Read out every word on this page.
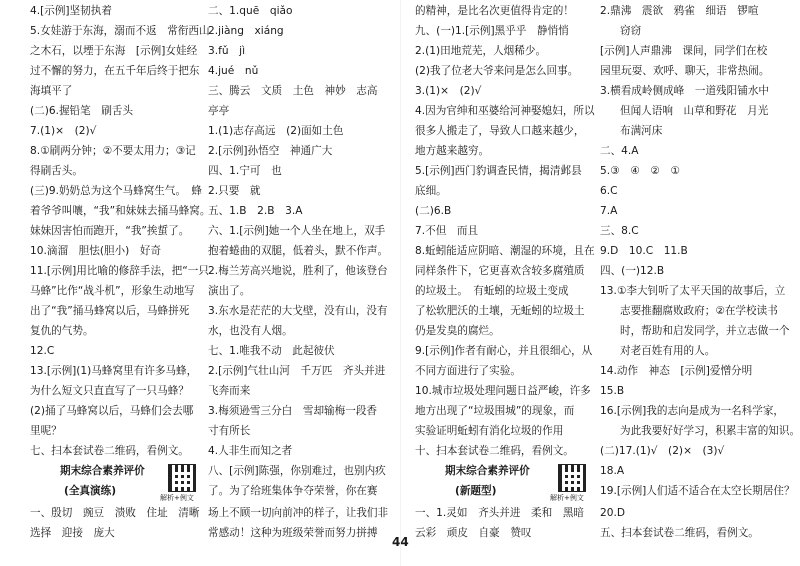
4.[示例]坚韧执着
5.女娃游于东海，溺而不返　常衔西山
之木石，以堙于东海　[示例]女娃经
过不懈的努力，在五千年后终于把东
海填平了
(二)6.握铅笔　刷舌头
7.(1)×　(2)√
8.①刷两分钟；②不要太用力；③记
得刷舌头。
(三)9.奶奶总为这个马蜂窝生气。　蜂
着爷爷叫嚷，“我”和妹妹去捅马蜂窝。
妹妹因害怕而跑开，“我”挨蜇了。
10.滴溜　胆怯(胆小)　好奇
11.[示例]用比喻的修辞手法，把“一只
马蜂”比作“战斗机”，形象生动地写
出了“我”捅马蜂窝以后，马蜂拼死
复仇的气势。
12.C
13.[示例](1)马蜂窝里有许多马蜂，
为什么短文只直直写了一只马蜂？
(2)捅了马蜂窝以后，马蜂们会去哪
里呢？
七、扫本套试卷二维码，看例文。
期末综合素养评价
(全真演练)
一、殷切　豌豆　溃败　住址　清晰
选择　迎接　庞大
解析+例文
二、1.quē　qiǎo
2.jiàng　xiáng
3.fǔ　jì
4.jué　nǔ
三、腾云　文质　土色　神妙　志高
亭亭
1.(1)志存高远　(2)面如土色
2.[示例]孙悟空　神通广大
四、1.宁可　也
2.只要　就
五、1.B　2.B　3.A
六、1.[示例]她一个人坐在地上，双手
抱着蜷曲的双腿，低着头，默不作声。
2.梅兰芳高兴地说，胜利了，他该登台
演出了。
3.东水是茫茫的大戈壁，没有山，没有
水，也没有人烟。
七、1.唯我不动　此起彼伏
2.[示例]气壮山河　千万匹　齐头并进
飞奔而来
3.梅须逊雪三分白　雪却输梅一段香
寸有所长
4.人非生而知之者
八、[示例]陈强，你别难过，也别内疚
了。为了给班集体争夺荣誉，你在赛
场上不顾一切向前冲的样子，让我们非
常感动！这种为班级荣誉而努力拼搏
的精神，是比名次更值得肯定的！
九、(一)1.[示例]黑乎乎　静悄悄
2.(1)田地荒芜，人烟稀少。
(2)我了位老大爷来问是怎么回事。
3.(1)×　(2)√
4.因为官绅和巫婆给河神娶媳妇，所以
很多人搬走了，导致人口越来越少，
地方越来越穷。
5.[示例]西门豹调查民情，揭清邺县
底细。
(二)6.B
7.不但　而且
8.蚯蚓能适应阴暗、潮湿的环境，且在
同样条件下，它更喜欢含较多腐殖质
的垃圾土。　有蚯蚓的垃圾土变成
了松软肥沃的土壤，无蚯蚓的垃圾土
仍是发臭的腐烂。
9.[示例]作者有耐心，并且很细心，从
不同方面进行了实验。
10.城市垃圾处理问题日益严峻，许多
地方出现了“垃圾围城”的现象，而
实验证明蚯蚓有消化垃圾的作用
十、扫本套试卷二维码，看例文。
期末综合素养评价
(新题型)
一、1.灵如　齐头并进　柔和　黑暗
云彩　顽皮　自豪　赞叹
解析+例文
2.鼎沸　震欲　鸦雀　细语　锣喧
窃窃
[示例]人声鼎沸　课间，同学们在校
园里玩耍、欢呼、聊天，非常热闹。
3.横看成岭侧成峰　一道残阳铺水中
但闻人语响　山草和野花　月光
布满河床
二、4.A
5.③　④　②　①
6.C
7.A
三、8.C
9.D　10.C　11.B
四、(一)12.B
13.①李大钊听了太平天国的故事后，立
志要推翻腐败政府；②在学校读书
时，帮助和启发同学，并立志做一个
对老百姓有用的人。
14.动作　神态　[示例]爱憎分明
15.B
16.[示例]我的志向是成为一名科学家，
为此我要好好学习，积累丰富的知识。
(二)17.(1)√　(2)×　(3)√
18.A
19.[示例]人们适不适合在太空长期居住？
20.D
五、扫本套试卷二维码，看例文。
44
